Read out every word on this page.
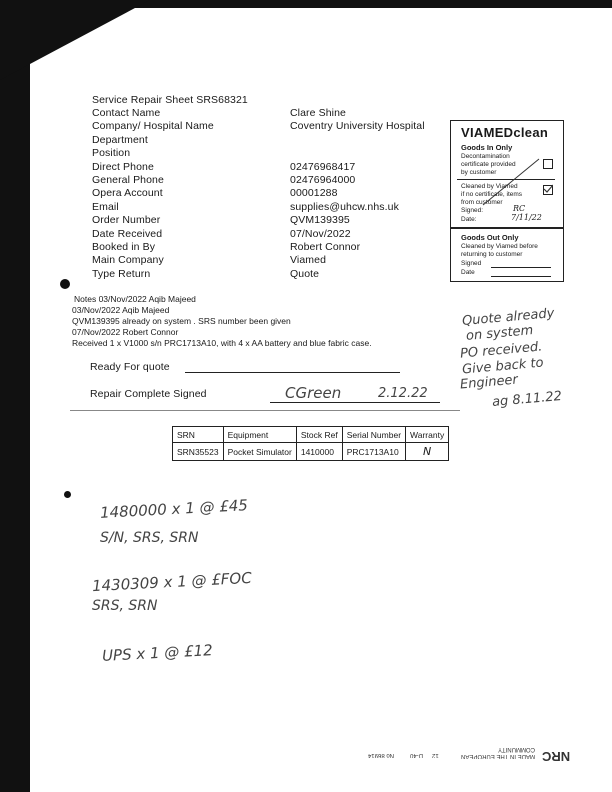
Service Repair Sheet SRS68321
Contact Name	Clare Shine
Company/ Hospital Name	Coventry University Hospital
Department
Position
Direct Phone	02476968417
General Phone	02476964000
Opera Account	00001288
Email	supplies@uhcw.nhs.uk
Order Number	QVM139395
Date Received	07/Nov/2022
Booked in By	Robert Connor
Main Company	Viamed
Type Return	Quote
VIAMEDclean
Goods In Only
Decontamination
certificate provided
by customer
Cleaned by Viamed
if no certificate, items
from customer
Signed:	RC
Date:	7/11/22
Goods Out Only
Cleaned by Viamed before
returning to customer
Signed
Date
Notes 03/Nov/2022 Aqib Majeed
03/Nov/2022 Aqib Majeed
QVM139395 already on system . SRS number been given
07/Nov/2022 Robert Connor
Received 1 x V1000 s/n PRC1713A10, with 4 x AA battery and blue fabric case.
Ready For quote
Repair Complete Signed	CGreen	2.12.22
Quote already
on system
PO received.
Give back to
Engineer
ag 8.11.22
SRN	Equipment	Stock Ref	Serial Number	Warranty
SRN35523	Pocket Simulator	1410000	PRC1713A10	N
1480000 x 1 @ £45
S/N, SRS, SRN
1430309 x 1 @ £FOC
SRS, SRN
UPS x 1 @ £12
No 86914	D-40 12	MADE IN THE EUROPEAN COMMUNITY NRC
